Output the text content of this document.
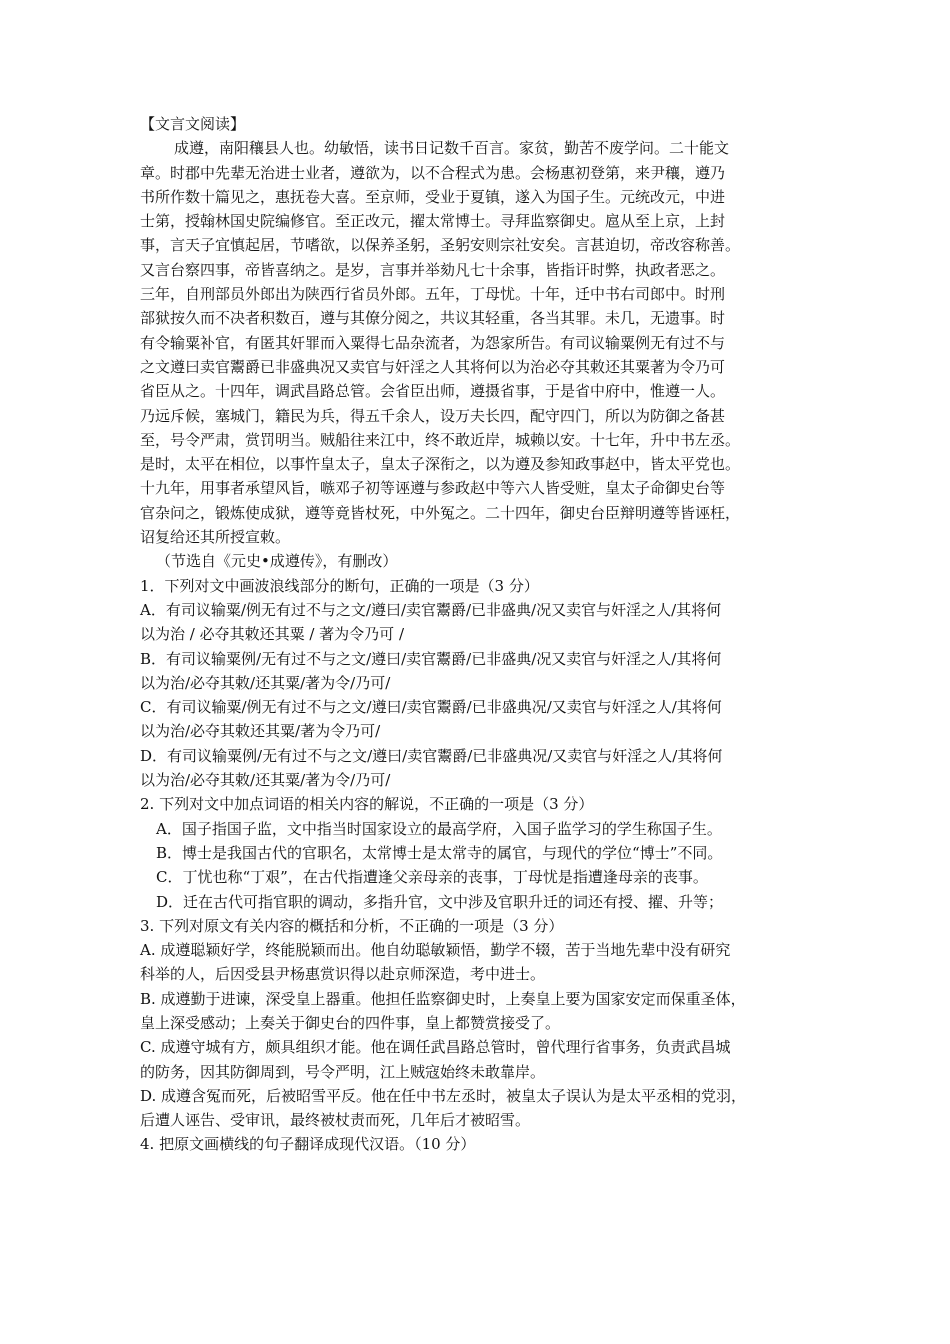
【文言文阅读】
成遵，南阳穰县人也。幼敏悟，读书日记数千百言。家贫，勤苦不废学问。二十能文
章。时郡中先辈无治进士业者，遵欲为，以不合程式为患。会杨惠初登第，来尹穰，遵乃
书所作数十篇见之，惠抚卷大喜。至京师，受业于夏镇，遂入为国子生。元统改元，中进
士第，授翰林国史院编修官。至正改元，擢太常博士。寻拜监察御史。扈从至上京，上封
事，言天子宜慎起居，节嗜欲，以保养圣躬，圣躬安则宗社安矣。言甚迫切，帝改容称善。
又言台察四事，帝皆喜纳之。是岁，言事并举劾凡七十余事，皆指讦时弊，执政者恶之。
三年，自刑部员外郎出为陕西行省员外郎。五年，丁母忧。十年，迁中书右司郎中。时刑
部狱按久而不决者积数百，遵与其僚分阅之，共议其轻重，各当其罪。未几，无遗事。时
有令输粟补官，有匿其奸罪而入粟得七品杂流者，为怨家所告。有司议输粟例无有过不与
之文遵曰卖官鬻爵已非盛典况又卖官与奸淫之人其将何以为治必夺其敕还其粟著为令乃可
省臣从之。十四年，调武昌路总管。会省臣出师，遵摄省事，于是省中府中，惟遵一人。
乃远斥候，塞城门，籍民为兵，得五千余人，设万夫长四，配守四门，所以为防御之备甚
至，号令严肃，赏罚明当。贼船往来江中，终不敢近岸，城赖以安。十七年，升中书左丞。
是时，太平在相位，以事忤皇太子，皇太子深衔之，以为遵及参知政事赵中，皆太平党也。
十九年，用事者承望风旨，嗾邓子初等诬遵与参政赵中等六人皆受赃，皇太子命御史台等
官杂问之，锻炼使成狱，遵等竟皆杖死，中外冤之。二十四年，御史台臣辩明遵等皆诬枉，
诏复给还其所授宣敕。
（节选自《元史•成遵传》，有删改）
1．下列对文中画波浪线部分的断句，正确的一项是（3 分）
A．有司议输粟/例无有过不与之文/遵曰/卖官鬻爵/已非盛典/况又卖官与奸淫之人/其将何
以为治 / 必夺其敕还其粟 / 著为令乃可 /
B．有司议输粟例/无有过不与之文/遵曰/卖官鬻爵/已非盛典/况又卖官与奸淫之人/其将何
以为治/必夺其敕/还其粟/著为令/乃可/
C．有司议输粟/例无有过不与之文/遵曰/卖官鬻爵/已非盛典况/又卖官与奸淫之人/其将何
以为治/必夺其敕还其粟/著为令乃可/
D．有司议输粟例/无有过不与之文/遵曰/卖官鬻爵/已非盛典况/又卖官与奸淫之人/其将何
以为治/必夺其敕/还其粟/著为令/乃可/
2. 下列对文中加点词语的相关内容的解说，不正确的一项是（3 分）
A．国子指国子监，文中指当时国家设立的最高学府，入国子监学习的学生称国子生。
B．博士是我国古代的官职名，太常博士是太常寺的属官，与现代的学位“博士”不同。
C．丁忧也称“丁艰”，在古代指遭逢父亲母亲的丧事，丁母忧是指遭逢母亲的丧事。
D．迁在古代可指官职的调动，多指升官，文中涉及官职升迁的词还有授、擢、升等；
3. 下列对原文有关内容的概括和分析，不正确的一项是（3 分）
A. 成遵聪颖好学，终能脱颖而出。他自幼聪敏颖悟，勤学不辍，苦于当地先辈中没有研究
科举的人，后因受县尹杨惠赏识得以赴京师深造，考中进士。
B. 成遵勤于进谏，深受皇上器重。他担任监察御史时，上奏皇上要为国家安定而保重圣体，
皇上深受感动；上奏关于御史台的四件事，皇上都赞赏接受了。
C. 成遵守城有方，颇具组织才能。他在调任武昌路总管时，曾代理行省事务，负责武昌城
的防务，因其防御周到，号令严明，江上贼寇始终未敢靠岸。
D. 成遵含冤而死，后被昭雪平反。他在任中书左丞时，被皇太子误认为是太平丞相的党羽，
后遭人诬告、受审讯，最终被杖责而死，几年后才被昭雪。
4. 把原文画横线的句子翻译成现代汉语。（10 分）
